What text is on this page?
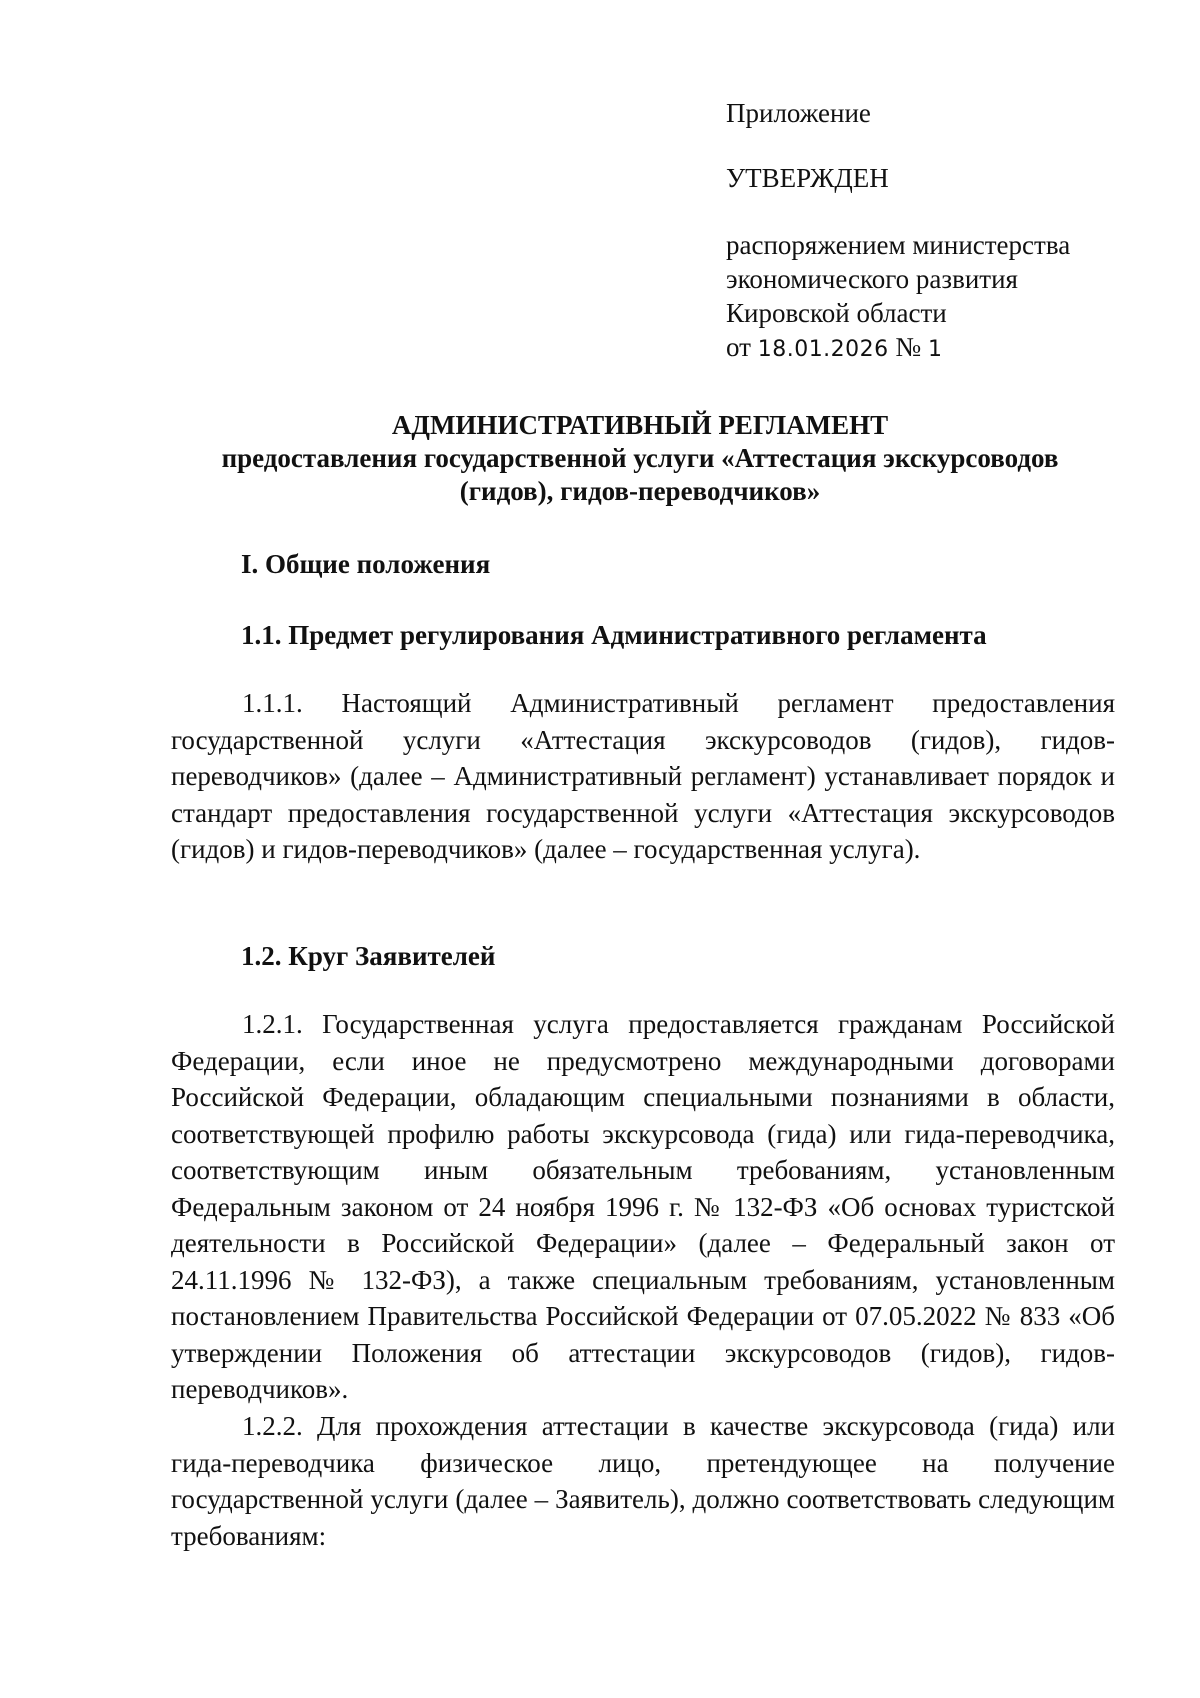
Приложение
УТВЕРЖДЕН
распоряжением министерства
экономического развития
Кировской области
от 18.01.2026 № 1
АДМИНИСТРАТИВНЫЙ РЕГЛАМЕНТ
предоставления государственной услуги «Аттестация экскурсоводов
(гидов), гидов-переводчиков»
I. Общие положения
1.1. Предмет регулирования Административного регламента

1.1.1. Настоящий Административный регламент предоставления государственной услуги «Аттестация экскурсоводов (гидов), гидов-переводчиков» (далее – Административный регламент) устанавливает порядок и стандарт предоставления государственной услуги «Аттестация экскурсоводов (гидов) и гидов-переводчиков» (далее – государственная услуга).

1.2. Круг Заявителей

1.2.1. Государственная услуга предоставляется гражданам Российской Федерации, если иное не предусмотрено международными договорами Российской Федерации, обладающим специальными познаниями в области, соответствующей профилю работы экскурсовода (гида) или гида-переводчика, соответствующим иным обязательным требованиям, установленным Федеральным законом от 24 ноября 1996 г. № 132-ФЗ «Об основах туристской деятельности в Российской Федерации» (далее – Федеральный закон от 24.11.1996 № 132-ФЗ), а также специальным требованиям, установленным постановлением Правительства Российской Федерации от 07.05.2022 № 833 «Об утверждении Положения об аттестации экскурсоводов (гидов), гидов-переводчиков».

1.2.2. Для прохождения аттестации в качестве экскурсовода (гида) или гида-переводчика физическое лицо, претендующее на получение государственной услуги (далее – Заявитель), должно соответствовать следующим требованиям:
